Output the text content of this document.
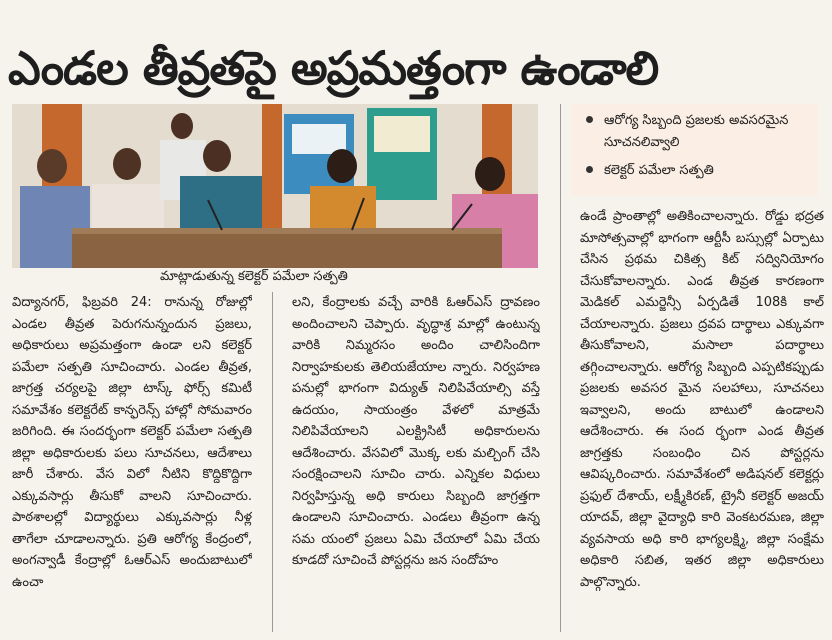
ఎండల తీవ్రతపై అప్రమత్తంగా ఉండాలి
మాట్లాడుతున్న కలెక్టర్ పమేలా సత్పతి
ఆరోగ్య సిబ్బంది ప్రజలకు అవసరమైన సూచనలివ్వాలి
కలెక్టర్ పమేలా సత్పతి

విద్యానగర్, ఫిబ్రవరి 24: రానున్న రోజుల్లో ఎండల తీవ్రత పెరుగనున్నందున ప్రజలు, అధికారులు అప్రమత్తంగా ఉండా లని కలెక్టర్ పమేలా సత్పతి సూచించారు. ఎండల తీవ్రత, జాగ్రత్త చర్యలపై జిల్లా టాస్క్ ఫోర్స్ కమిటీ సమావేశం కలెక్టరేట్ కాన్ఫరెన్స్ హాల్లో సోమవారం జరిగింది. ఈ సందర్భంగా కలెక్టర్ పమేలా సత్పతి జిల్లా అధికారులకు పలు సూచనలు, ఆదేశాలు జారీ చేశారు. వేస విలో నీటిని కొద్దికొద్దిగా ఎక్కువసార్లు తీసుకో వాలని సూచించారు. పాఠశాలల్లో విద్యార్థులు ఎక్కువసార్లు నీళ్ల తాగేలా చూడాలన్నారు. ప్రతి ఆరోగ్య కేంద్రంలో, అంగన్వాడీ కేంద్రాల్లో ఓఆర్ఎస్ అందుబాటులో ఉంచా

లని, కేంద్రాలకు వచ్చే వారికి ఓఆర్ఎస్ ద్రావణం అందించాలని చెప్పారు. వృద్ధాశ్ర మాల్లో ఉంటున్న వారికి నిమ్మరసం అందిం చాలిసిందిగా నిర్వాహకులకు తెలియజేయాల న్నారు. నిర్వహణ పనుల్లో భాగంగా విద్యుత్ నిలిపివేయాల్సి వస్తే ఉదయం, సాయంత్రం వేళలో మాత్రమే నిలిపివేయాలని ఎలక్ట్రిసిటీ అధికారులను ఆదేశించారు. వేసవిలో మొక్క లకు మల్చింగ్ చేసి సంరక్షించాలని సూచిం చారు. ఎన్నికల విధులు నిర్వహిస్తున్న అధి కారులు సిబ్బంది జాగ్రత్తగా ఉండాలని సూచించారు. ఎండలు తీవ్రంగా ఉన్న సమ యంలో ప్రజలు ఏమి చేయాలో ఏమి చేయ కూడదో సూచించే పోస్టర్లను జన సందోహం

ఉండే ప్రాంతాల్లో అతికించాలన్నారు. రోడ్డు భద్రత మాసోత్సవాల్లో భాగంగా ఆర్టీసీ బస్సుల్లో ఏర్పాటు చేసిన ప్రథమ చికిత్స కిట్ సద్వినియోగం చేసుకోవాలన్నారు. ఎండ తీవ్రత కారణంగా మెడికల్ ఎమర్జెన్సీ ఏర్పడితే 108కి కాల్ చేయాలన్నారు. ప్రజలు ద్రవప దార్థాలు ఎక్కువగా తీసుకోవాలని, మసాలా పదార్థాలు తగ్గించాలన్నారు. ఆరోగ్య సిబ్బంది ఎప్పటికప్పుడు ప్రజలకు అవసర మైన సలహాలు, సూచనలు ఇవ్వాలని, అందు బాటులో ఉండాలని ఆదేశించారు. ఈ సంద ర్భంగా ఎండ తీవ్రత జాగ్రత్తకు సంబంధిం చిన పోస్టర్లను ఆవిష్కరించారు. సమావేశంలో అడిషనల్ కలెక్టర్లు ప్రఫుల్ దేశాయ్, లక్ష్మీకిరణ్, ట్రైనీ కలెక్టర్ అజయ్ యాదవ్, జిల్లా వైద్యాధి కారి వెంకటరమణ, జిల్లా వ్యవసాయ అధి కారి భాగ్యలక్ష్మి, జిల్లా సంక్షేమ అధికారి సబిత, ఇతర జిల్లా అధికారులు పాల్గొన్నారు.
